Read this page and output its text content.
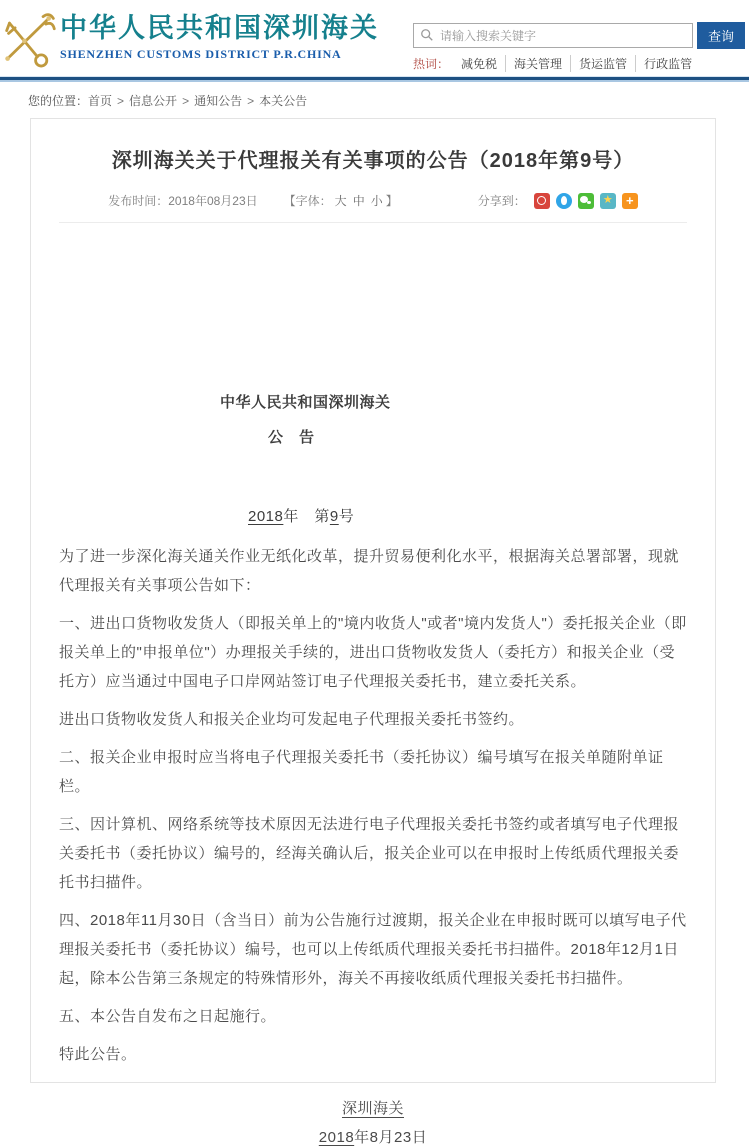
中华人民共和国深圳海关
SHENZHEN CUSTOMS DISTRICT P.R.CHINA
请输入搜索关键字
查询
热词：	减免税	海关管理	货运监管	行政监管
您的位置：首页 > 信息公开 > 通知公告 > 本关公告
深圳海关关于代理报关有关事项的公告（2018年第9号）
发布时间：2018年08月23日 【字体： 大 中 小 】	分享到：
★
+
中华人民共和国深圳海关
公　告
2018年　第9号

为了进一步深化海关通关作业无纸化改革，提升贸易便利化水平，根据海关总署部署，现就代理报关有关事项公告如下：

一、进出口货物收发货人（即报关单上的"境内收货人"或者"境内发货人"）委托报关企业（即报关单上的"申报单位"）办理报关手续的，进出口货物收发货人（委托方）和报关企业（受托方）应当通过中国电子口岸网站签订电子代理报关委托书，建立委托关系。

进出口货物收发货人和报关企业均可发起电子代理报关委托书签约。

二、报关企业申报时应当将电子代理报关委托书（委托协议）编号填写在报关单随附单证栏。

三、因计算机、网络系统等技术原因无法进行电子代理报关委托书签约或者填写电子代理报关委托书（委托协议）编号的，经海关确认后，报关企业可以在申报时上传纸质代理报关委托书扫描件。

四、2018年11月30日（含当日）前为公告施行过渡期，报关企业在申报时既可以填写电子代理报关委托书（委托协议）编号，也可以上传纸质代理报关委托书扫描件。2018年12月1日起，除本公告第三条规定的特殊情形外，海关不再接收纸质代理报关委托书扫描件。

五、本公告自发布之日起施行。

特此公告。

深圳海关
2018年8月23日
